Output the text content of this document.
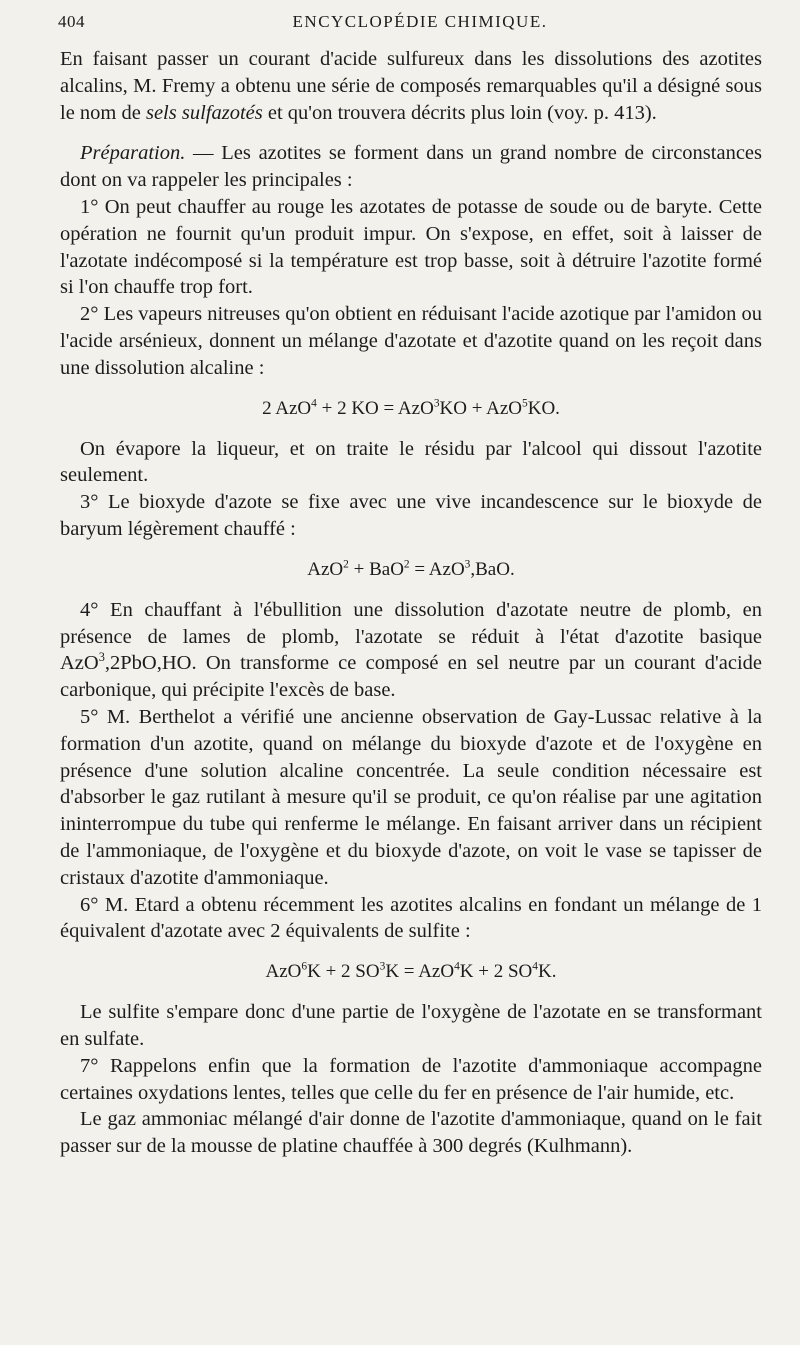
404	ENCYCLOPÉDIE CHIMIQUE.

En faisant passer un courant d'acide sulfureux dans les dissolutions des azotites alcalins, M. Fremy a obtenu une série de composés remarquables qu'il a désigné sous le nom de sels sulfazotés et qu'on trouvera décrits plus loin (voy. p. 413).

Préparation. — Les azotites se forment dans un grand nombre de circonstances dont on va rappeler les principales :

1° On peut chauffer au rouge les azotates de potasse de soude ou de baryte. Cette opération ne fournit qu'un produit impur. On s'expose, en effet, soit à laisser de l'azotate indécomposé si la température est trop basse, soit à détruire l'azotite formé si l'on chauffe trop fort.

2° Les vapeurs nitreuses qu'on obtient en réduisant l'acide azotique par l'amidon ou l'acide arsénieux, donnent un mélange d'azotate et d'azotite quand on les reçoit dans une dissolution alcaline :

2 AzO$^4$ + 2 KO = AzO$^3$KO + AzO$^5$KO.

On évapore la liqueur, et on traite le résidu par l'alcool qui dissout l'azotite seulement.

3° Le bioxyde d'azote se fixe avec une vive incandescence sur le bioxyde de baryum légèrement chauffé :

AzO$^2$ + BaO$^2$ = AzO$^3$,BaO.

4° En chauffant à l'ébullition une dissolution d'azotate neutre de plomb, en présence de lames de plomb, l'azotate se réduit à l'état d'azotite basique AzO$^3$,2PbO,HO. On transforme ce composé en sel neutre par un courant d'acide carbonique, qui précipite l'excès de base.

5° M. Berthelot a vérifié une ancienne observation de Gay-Lussac relative à la formation d'un azotite, quand on mélange du bioxyde d'azote et de l'oxygène en présence d'une solution alcaline concentrée. La seule condition nécessaire est d'absorber le gaz rutilant à mesure qu'il se produit, ce qu'on réalise par une agitation ininterrompue du tube qui renferme le mélange. En faisant arriver dans un récipient de l'ammoniaque, de l'oxygène et du bioxyde d'azote, on voit le vase se tapisser de cristaux d'azotite d'ammoniaque.

6° M. Etard a obtenu récemment les azotites alcalins en fondant un mélange de 1 équivalent d'azotate avec 2 équivalents de sulfite :

AzO$^6$K + 2 $SO^3K = AzO^4K + 2$ $SO^4K$.

Le sulfite s'empare donc d'une partie de l'oxygène de l'azotate en se transformant en sulfate.

7° Rappelons enfin que la formation de l'azotite d'ammoniaque accompagne certaines oxydations lentes, telles que celle du fer en présence de l'air humide, etc.

Le gaz ammoniac mélangé d'air donne de l'azotite d'ammoniaque, quand on le fait passer sur de la mousse de platine chauffée à 300 degrés (Kulhmann).
